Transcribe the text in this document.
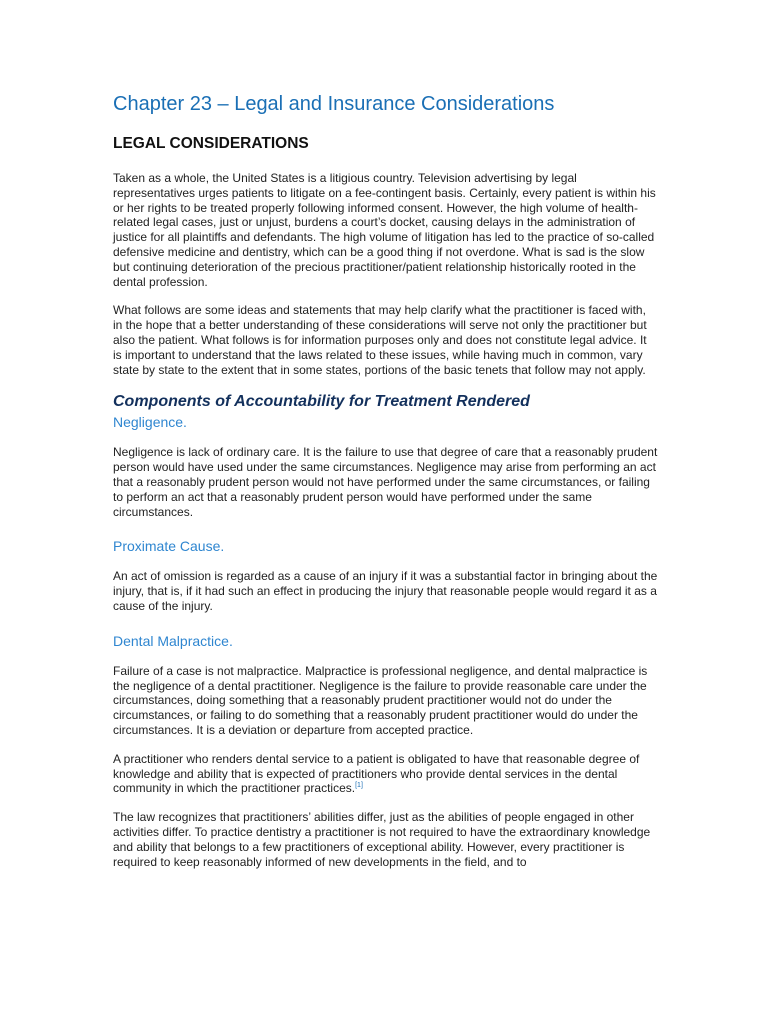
Chapter 23 – Legal and Insurance Considerations
LEGAL CONSIDERATIONS

Taken as a whole, the United States is a litigious country. Television advertising by legal representatives urges patients to litigate on a fee-contingent basis. Certainly, every patient is within his or her rights to be treated properly following informed consent. However, the high volume of health-related legal cases, just or unjust, burdens a court’s docket, causing delays in the administration of justice for all plaintiffs and defendants. The high volume of litigation has led to the practice of so-called defensive medicine and dentistry, which can be a good thing if not overdone. What is sad is the slow but continuing deterioration of the precious practitioner/patient relationship historically rooted in the dental profession.

What follows are some ideas and statements that may help clarify what the practitioner is faced with, in the hope that a better understanding of these considerations will serve not only the practitioner but also the patient. What follows is for information purposes only and does not constitute legal advice. It is important to understand that the laws related to these issues, while having much in common, vary state by state to the extent that in some states, portions of the basic tenets that follow may not apply.

Components of Accountability for Treatment Rendered
Negligence.

Negligence is lack of ordinary care. It is the failure to use that degree of care that a reasonably prudent person would have used under the same circumstances. Negligence may arise from performing an act that a reasonably prudent person would not have performed under the same circumstances, or failing to perform an act that a reasonably prudent person would have performed under the same circumstances.

Proximate Cause.

An act of omission is regarded as a cause of an injury if it was a substantial factor in bringing about the injury, that is, if it had such an effect in producing the injury that reasonable people would regard it as a cause of the injury.

Dental Malpractice.

Failure of a case is not malpractice. Malpractice is professional negligence, and dental malpractice is the negligence of a dental practitioner. Negligence is the failure to provide reasonable care under the circumstances, doing something that a reasonably prudent practitioner would not do under the circumstances, or failing to do something that a reasonably prudent practitioner would do under the circumstances. It is a deviation or departure from accepted practice.

A practitioner who renders dental service to a patient is obligated to have that reasonable degree of knowledge and ability that is expected of practitioners who provide dental services in the dental community in which the practitioner practices.[1]

The law recognizes that practitioners’ abilities differ, just as the abilities of people engaged in other activities differ. To practice dentistry a practitioner is not required to have the extraordinary knowledge and ability that belongs to a few practitioners of exceptional ability. However, every practitioner is required to keep reasonably informed of new developments in the field, and to
